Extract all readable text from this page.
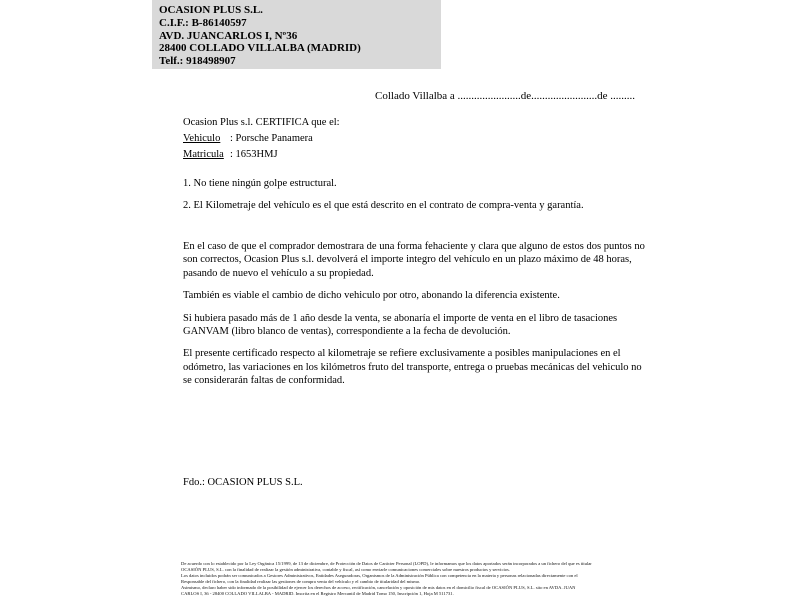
OCASION PLUS S.L.
C.I.F.: B-86140597
AVD. JUANCARLOS I, Nº36
28400 COLLADO VILLALBA (MADRID)
Telf.: 918498907
Collado Villalba a .......................de........................de .........
Ocasion Plus s.l. CERTIFICA que el:
Vehiculo : Porsche Panamera
Matricula : 1653HMJ
1. No tiene ningún golpe estructural.
2. El Kilometraje del vehículo es el que está descrito en el contrato de compra-venta y garantía.

En el caso de que el comprador demostrara de una forma fehaciente y clara que alguno de estos dos puntos no son correctos, Ocasion Plus s.l. devolverá el importe integro del vehículo en un plazo máximo de 48 horas, pasando de nuevo el vehículo a su propiedad.

También es viable el cambio de dicho vehiculo por otro, abonando la diferencia existente.

Si hubiera pasado más de 1 año desde la venta, se abonaría el importe de venta en el libro de tasaciones GANVAM (libro blanco de ventas), correspondiente a la fecha de devolución.

El presente certificado respecto al kilometraje se refiere exclusivamente a posibles manipulaciones en el odómetro, las variaciones en los kilómetros fruto del transporte, entrega o pruebas mecánicas del vehiculo no se considerarán faltas de conformidad.

Fdo.: OCASION PLUS S.L.
De acuerdo con lo establecido por la Ley Orgánica 15/1999, de 13 de diciembre, de Protección de Datos de Carácter Personal (LOPD), le informamos que los datos aportados serán incorporados a un fichero del que es titular
OCASIÓN PLUS, S.L. con la finalidad de realizar la gestión administrativa, contable y fiscal, así como enviarle comunicaciones comerciales sobre nuestros productos y servicios.
Los datos incluidos podrán ser comunicados a Gestores Administrativos, Entidades Aseguradoras, Organismos de la Administración Pública con competencia en la materia y personas relacionadas directamente con el
Responsable del fichero, con la finalidad realizar las gestiones de compra venta del vehículo y el cambio de titularidad del mismo.
Asimismo, declaro haber sido informado de la posibilidad de ejercer los derechos de acceso, rectificación, cancelación y oposición de mis datos en el domicilio fiscal de OCASIÓN PLUS, S.L. sito en AVDA. JUAN
CARLOS I, 36 - 28400 COLLADO VILLALBA - MADRID. Inscrita en el Registro Mercantil de Madrid Tomo 150, Inscripción 1, Hoja M 511731.
